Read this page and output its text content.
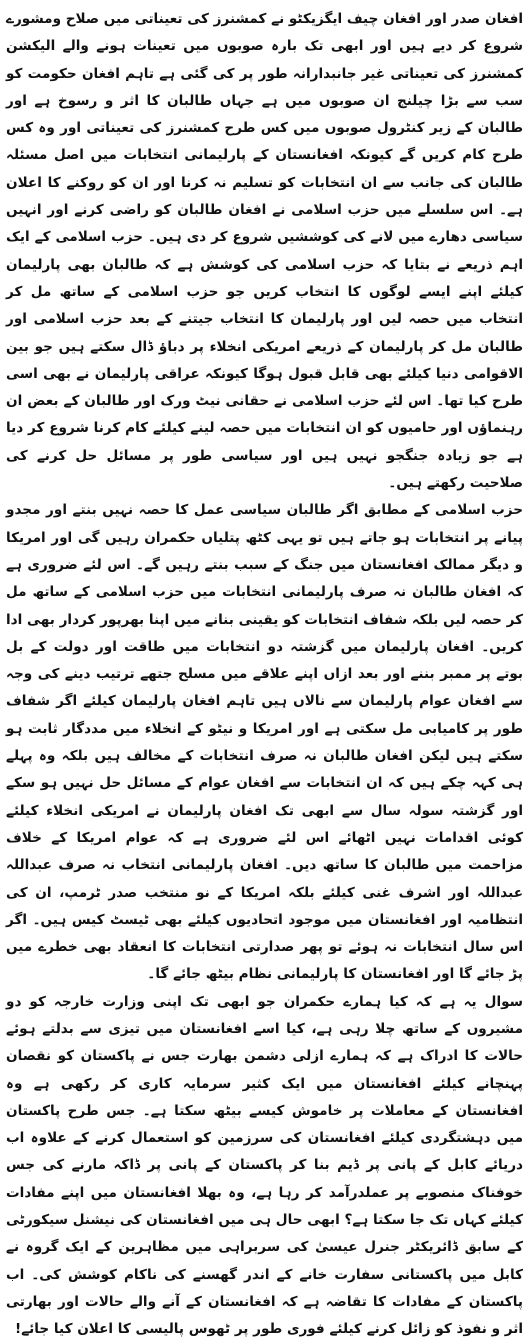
افغان صدر اور افغان چیف ایگزیکٹو نے کمشنرز کی تعیناتی میں صلاح ومشورے شروع کر دیے ہیں اور ابھی تک بارہ صوبوں میں تعینات ہونے والے الیکشن کمشنرز کی تعیناتی غیر جانبدارانہ طور پر کی گئی ہے تاہم افغان حکومت کو سب سے بڑا چیلنج ان صوبوں میں ہے جہاں طالبان کا اثر و رسوخ ہے اور طالبان کے زیر کنٹرول صوبوں میں کس طرح کمشنرز کی تعیناتی اور وہ کس طرح کام کریں گے کیونکہ افغانستان کے پارلیمانی انتخابات میں اصل مسئلہ طالبان کی جانب سے ان انتخابات کو تسلیم نہ کرنا اور ان کو روکنے کا اعلان ہے۔ اس سلسلے میں حزب اسلامی نے افغان طالبان کو راضی کرنے اور انہیں سیاسی دھارے میں لانے کی کوششیں شروع کر دی ہیں۔ حزب اسلامی کے ایک اہم ذریعے نے بتایا کہ حزب اسلامی کی کوشش ہے کہ طالبان بھی پارلیمان کیلئے اپنے ایسے لوگوں کا انتخاب کریں جو حزب اسلامی کے ساتھ مل کر انتخاب میں حصہ لیں اور پارلیمان کا انتخاب جیتنے کے بعد حزب اسلامی اور طالبان مل کر پارلیمان کے ذریعے امریکی انخلاء پر دباؤ ڈال سکتے ہیں جو بین الاقوامی دنیا کیلئے بھی قابل قبول ہوگا کیونکہ عراقی پارلیمان نے بھی اسی طرح کیا تھا۔ اس لئے حزب اسلامی نے حقانی نیٹ ورک اور طالبان کے بعض ان رہنماؤں اور حامیوں کو ان انتخابات میں حصہ لینے کیلئے کام کرنا شروع کر دیا ہے جو زیادہ جنگجو نہیں ہیں اور سیاسی طور پر مسائل حل کرنے کی صلاحیت رکھتے ہیں۔

حزب اسلامی کے مطابق اگر طالبان سیاسی عمل کا حصہ نہیں بنتے اور مجدو پیانے پر انتخابات ہو جاتے ہیں تو یہی کٹھ پتلیاں حکمران رہیں گی اور امریکا و دیگر ممالک افغانستان میں جنگ کے سبب بنتے رہیں گے۔ اس لئے ضروری ہے کہ افغان طالبان نہ صرف پارلیمانی انتخابات میں حزب اسلامی کے ساتھ مل کر حصہ لیں بلکہ شفاف انتخابات کو یقینی بنانے میں اپنا بھرپور کردار بھی ادا کریں۔ افغان پارلیمان میں گزشتہ دو انتخابات میں طاقت اور دولت کے بل بوتے پر ممبر بننے اور بعد ازاں اپنے علاقے میں مسلح جتھے ترتیب دینے کی وجہ سے افغان عوام پارلیمان سے نالاں ہیں تاہم افغان پارلیمان کیلئے اگر شفاف طور پر کامیابی مل سکتی ہے اور امریکا و نیٹو کے انخلاء میں مددگار ثابت ہو سکتے ہیں لیکن افغان طالبان نہ صرف انتخابات کے مخالف ہیں بلکہ وہ پہلے ہی کہہ چکے ہیں کہ ان انتخابات سے افغان عوام کے مسائل حل نہیں ہو سکے اور گزشتہ سولہ سال سے ابھی تک افغان پارلیمان نے امریکی انخلاء کیلئے کوئی اقدامات نہیں اٹھائے اس لئے ضروری ہے کہ عوام امریکا کے خلاف مزاحمت میں طالبان کا ساتھ دیں۔ افغان پارلیمانی انتخاب نہ صرف عبداللہ عبداللہ اور اشرف غنی کیلئے بلکہ امریکا کے نو منتخب صدر ٹرمپ، ان کی انتظامیہ اور افغانستان میں موجود اتحادیوں کیلئے بھی ٹیسٹ کیس ہیں۔ اگر اس سال انتخابات نہ ہوئے تو پھر صدارتی انتخابات کا انعقاد بھی خطرے میں پڑ جائے گا اور افغانستان کا پارلیمانی نظام بیٹھ جائے گا۔

سوال یہ ہے کہ کیا ہمارے حکمران جو ابھی تک اپنی وزارت خارجہ کو دو مشیروں کے ساتھ چلا رہی ہے، کیا اسے افغانستان میں تیزی سے بدلتے ہوئے حالات کا ادراک ہے کہ ہمارے ازلی دشمن بھارت جس نے پاکستان کو نقصان پہنچانے کیلئے افغانستان میں ایک کثیر سرمایہ کاری کر رکھی ہے وہ افغانستان کے معاملات پر خاموش کیسے بیٹھ سکتا ہے۔ جس طرح پاکستان میں دہشتگردی کیلئے افغانستان کی سرزمین کو استعمال کرنے کے علاوہ اب دریائے کابل کے پانی پر ڈیم بنا کر پاکستان کے پانی پر ڈاکہ مارنے کی جس خوفناک منصوبے پر عملدرآمد کر رہا ہے، وہ بھلا افغانستان میں اپنے مفادات کیلئے کہاں تک جا سکتا ہے؟ ابھی حال ہی میں افغانستان کی نیشنل سیکورٹی کے سابق ڈائریکٹر جنرل عیسیٰ کی سربراہی میں مظاہرین کے ایک گروہ نے کابل میں پاکستانی سفارت خانے کے اندر گھسنے کی ناکام کوشش کی۔ اب پاکستان کے مفادات کا تقاضہ ہے کہ افغانستان کے آنے والے حالات اور بھارتی اثر و نفوذ کو زائل کرنے کیلئے فوری طور پر ٹھوس پالیسی کا اعلان کیا جائے!
